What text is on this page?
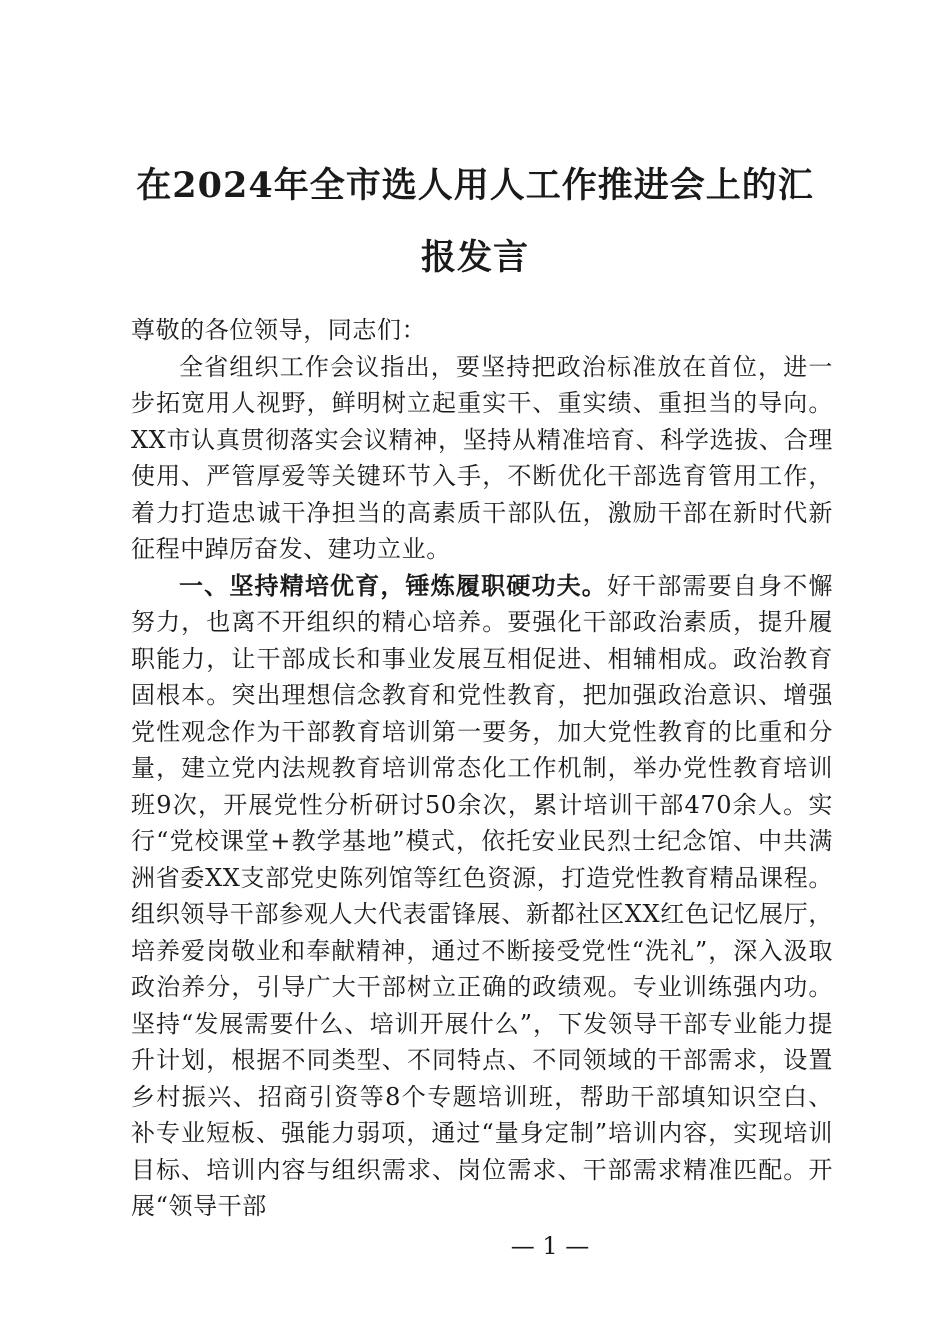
在2024年全市选人用人工作推进会上的汇报发言

尊敬的各位领导，同志们：

全省组织工作会议指出，要坚持把政治标准放在首位，进一步拓宽用人视野，鲜明树立起重实干、重实绩、重担当的导向。XX市认真贯彻落实会议精神，坚持从精准培育、科学选拔、合理使用、严管厚爱等关键环节入手，不断优化干部选育管用工作，着力打造忠诚干净担当的高素质干部队伍，激励干部在新时代新征程中踔厉奋发、建功立业。

一、坚持精培优育，锤炼履职硬功夫。好干部需要自身不懈努力，也离不开组织的精心培养。要强化干部政治素质，提升履职能力，让干部成长和事业发展互相促进、相辅相成。政治教育固根本。突出理想信念教育和党性教育，把加强政治意识、增强党性观念作为干部教育培训第一要务，加大党性教育的比重和分量，建立党内法规教育培训常态化工作机制，举办党性教育培训班9次，开展党性分析研讨50余次，累计培训干部470余人。实行“党校课堂+教学基地”模式，依托安业民烈士纪念馆、中共满洲省委XX支部党史陈列馆等红色资源，打造党性教育精品课程。组织领导干部参观人大代表雷锋展、新都社区XX红色记忆展厅，培养爱岗敬业和奉献精神，通过不断接受党性“洗礼”，深入汲取政治养分，引导广大干部树立正确的政绩观。专业训练强内功。坚持“发展需要什么、培训开展什么”，下发领导干部专业能力提升计划，根据不同类型、不同特点、不同领域的干部需求，设置乡村振兴、招商引资等8个专题培训班，帮助干部填知识空白、补专业短板、强能力弱项，通过“量身定制”培训内容，实现培训目标、培训内容与组织需求、岗位需求、干部需求精准匹配。开展“领导干部

— 1 —
